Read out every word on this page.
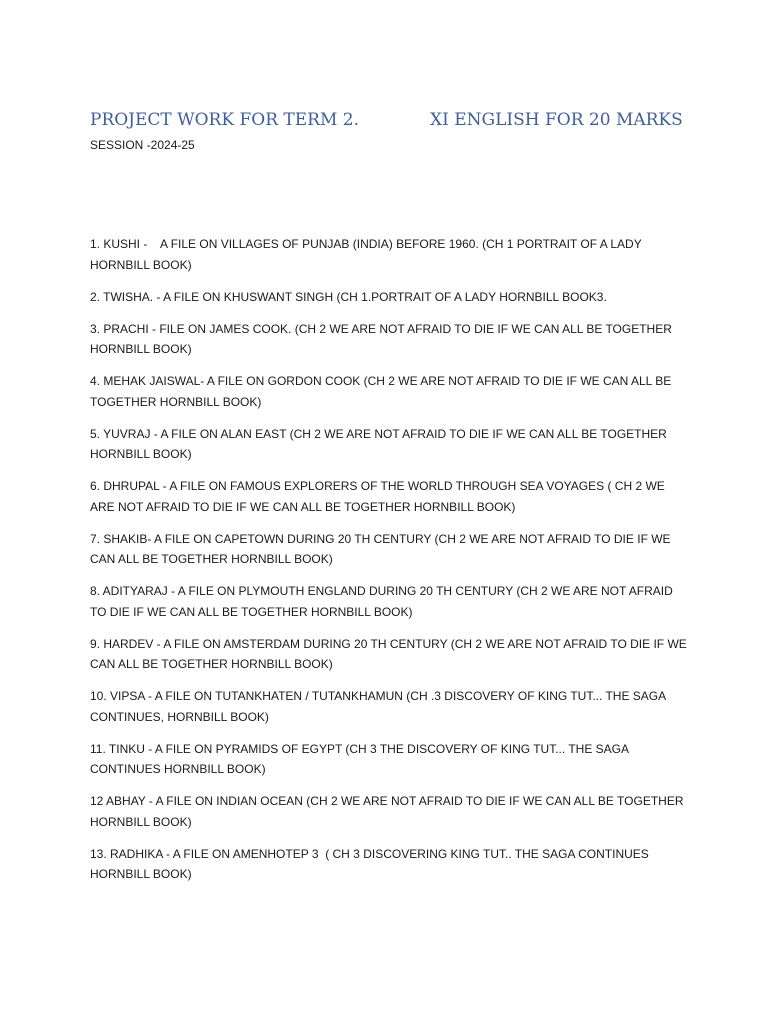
PROJECT WORK FOR TERM 2.	XI ENGLISH FOR 20 MARKS
SESSION -2024-25
1. KUSHI -    A FILE ON VILLAGES OF PUNJAB (INDIA) BEFORE 1960. (CH 1 PORTRAIT OF A LADY HORNBILL BOOK)
2. TWISHA. - A FILE ON KHUSWANT SINGH (CH 1.PORTRAIT OF A LADY HORNBILL BOOK3.
3. PRACHI - FILE ON JAMES COOK. (CH 2 WE ARE NOT AFRAID TO DIE IF WE CAN ALL BE TOGETHER HORNBILL BOOK)
4. MEHAK JAISWAL- A FILE ON GORDON COOK (CH 2 WE ARE NOT AFRAID TO DIE IF WE CAN ALL BE TOGETHER HORNBILL BOOK)
5. YUVRAJ - A FILE ON ALAN EAST (CH 2 WE ARE NOT AFRAID TO DIE IF WE CAN ALL BE TOGETHER HORNBILL BOOK)
6. DHRUPAL - A FILE ON FAMOUS EXPLORERS OF THE WORLD THROUGH SEA VOYAGES ( CH 2 WE ARE NOT AFRAID TO DIE IF WE CAN ALL BE TOGETHER HORNBILL BOOK)
7. SHAKIB- A FILE ON CAPETOWN DURING 20 TH CENTURY (CH 2 WE ARE NOT AFRAID TO DIE IF WE CAN ALL BE TOGETHER HORNBILL BOOK)
8. ADITYARAJ - A FILE ON PLYMOUTH ENGLAND DURING 20 TH CENTURY (CH 2 WE ARE NOT AFRAID TO DIE IF WE CAN ALL BE TOGETHER HORNBILL BOOK)
9. HARDEV - A FILE ON AMSTERDAM DURING 20 TH CENTURY (CH 2 WE ARE NOT AFRAID TO DIE IF WE CAN ALL BE TOGETHER HORNBILL BOOK)
10. VIPSA - A FILE ON TUTANKHATEN / TUTANKHAMUN (CH .3 DISCOVERY OF KING TUT... THE SAGA CONTINUES, HORNBILL BOOK)
11. TINKU - A FILE ON PYRAMIDS OF EGYPT (CH 3 THE DISCOVERY OF KING TUT... THE SAGA CONTINUES HORNBILL BOOK)
12 ABHAY - A FILE ON INDIAN OCEAN (CH 2 WE ARE NOT AFRAID TO DIE IF WE CAN ALL BE TOGETHER HORNBILL BOOK)
13. RADHIKA - A FILE ON AMENHOTEP 3  ( CH 3 DISCOVERING KING TUT.. THE SAGA CONTINUES HORNBILL BOOK)
